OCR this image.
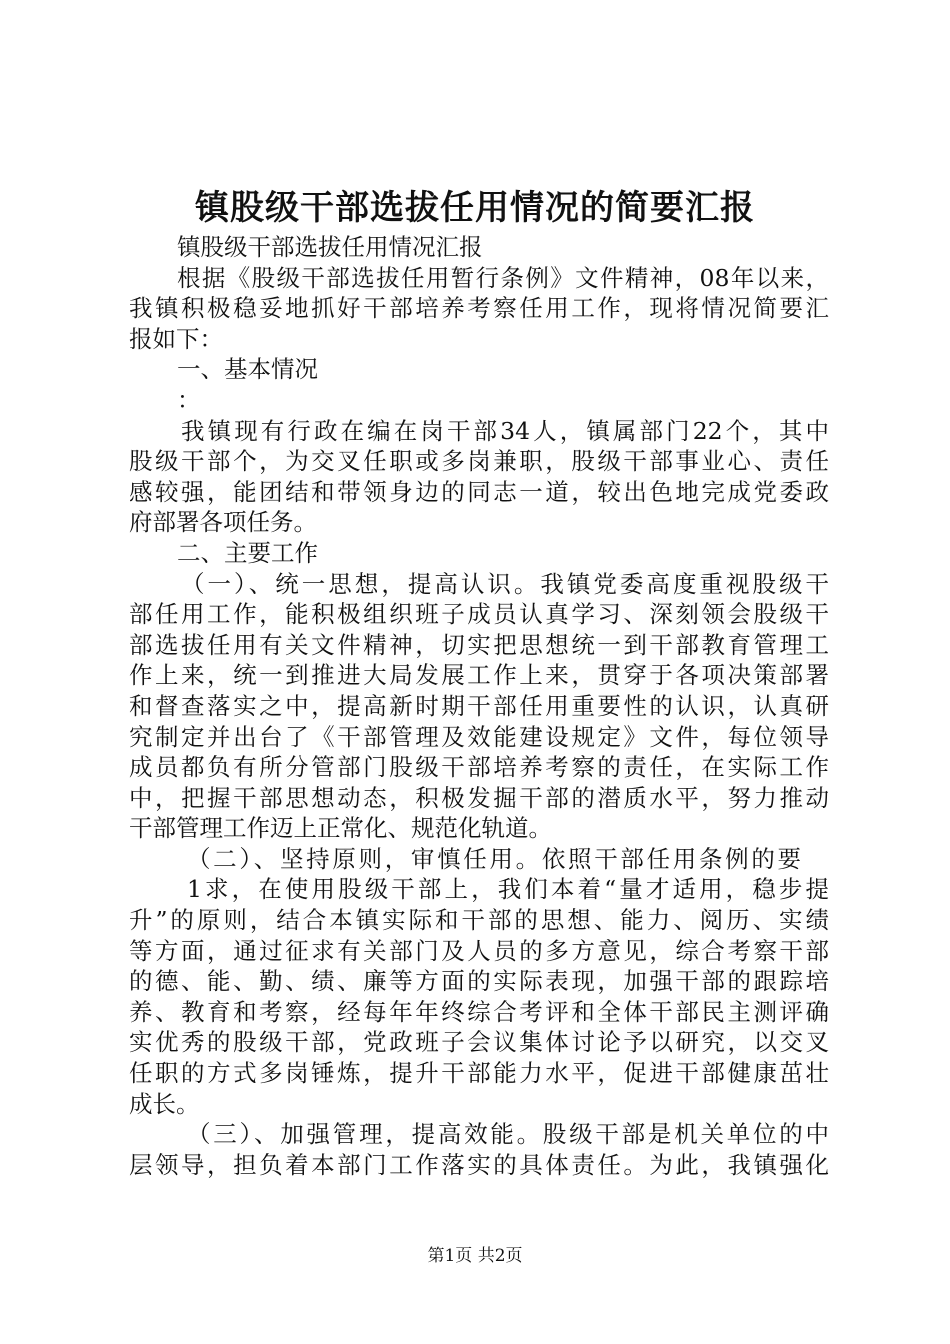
镇股级干部选拔任用情况的简要汇报
镇股级干部选拔任用情况汇报
根据《股级干部选拔任用暂行条例》文件精神，08年以来，
我镇积极稳妥地抓好干部培养考察任用工作，现将情况简要汇
报如下：
一、基本情况
：
我镇现有行政在编在岗干部34人，镇属部门22个，其中
股级干部个，为交叉任职或多岗兼职，股级干部事业心、责任
感较强，能团结和带领身边的同志一道，较出色地完成党委政
府部署各项任务。
二、主要工作
（一）、统一思想，提高认识。我镇党委高度重视股级干
部任用工作，能积极组织班子成员认真学习、深刻领会股级干
部选拔任用有关文件精神，切实把思想统一到干部教育管理工
作上来，统一到推进大局发展工作上来，贯穿于各项决策部署
和督查落实之中，提高新时期干部任用重要性的认识，认真研
究制定并出台了《干部管理及效能建设规定》文件，每位领导
成员都负有所分管部门股级干部培养考察的责任，在实际工作
中，把握干部思想动态，积极发掘干部的潜质水平，努力推动
干部管理工作迈上正常化、规范化轨道。
（二）、坚持原则，审慎任用。依照干部任用条例的要
1求，在使用股级干部上，我们本着“量才适用，稳步提
升”的原则，结合本镇实际和干部的思想、能力、阅历、实绩
等方面，通过征求有关部门及人员的多方意见，综合考察干部
的德、能、勤、绩、廉等方面的实际表现，加强干部的跟踪培
养、教育和考察，经每年年终综合考评和全体干部民主测评确
实优秀的股级干部，党政班子会议集体讨论予以研究，以交叉
任职的方式多岗锤炼，提升干部能力水平，促进干部健康茁壮
成长。
（三）、加强管理，提高效能。股级干部是机关单位的中
层领导，担负着本部门工作落实的具体责任。为此，我镇强化
第1页 共2页
